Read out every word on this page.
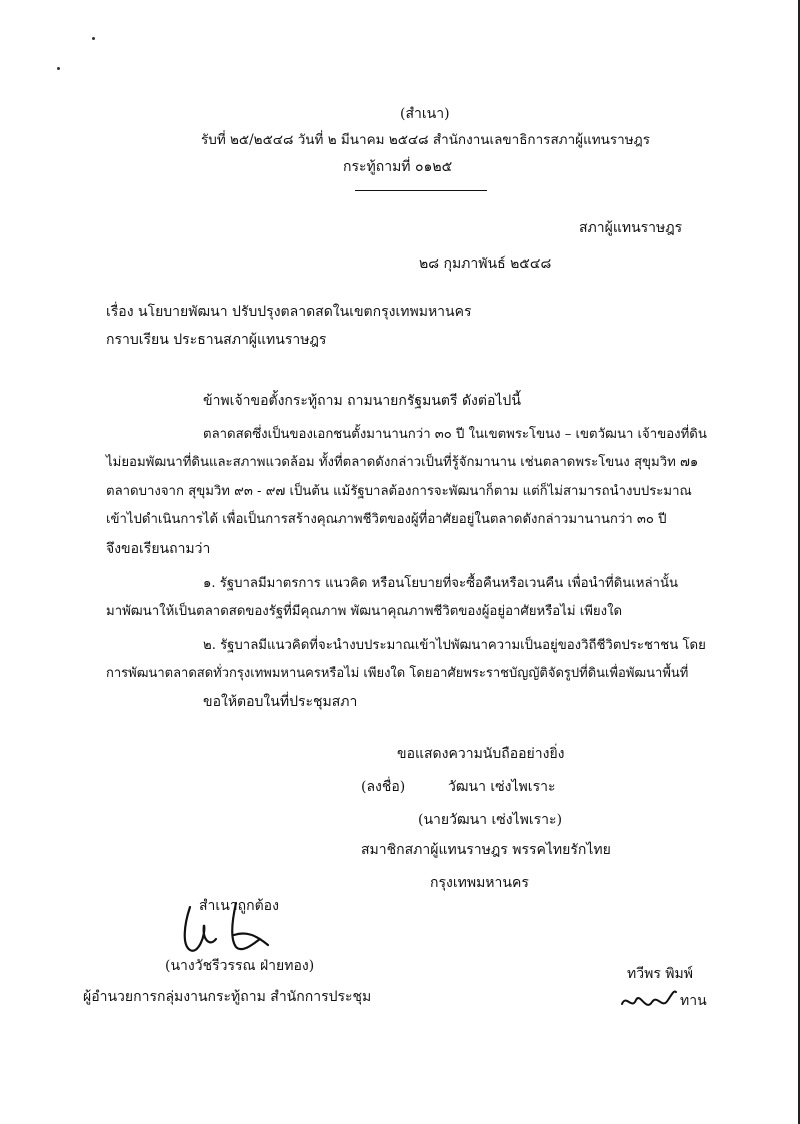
(สำเนา)
รับที่ ๒๕/๒๕๔๘ วันที่ ๒ มีนาคม ๒๕๔๘ สำนักงานเลขาธิการสภาผู้แทนราษฎร
กระทู้ถามที่ ๐๑๒๕
สภาผู้แทนราษฎร
๒๘ กุมภาพันธ์ ๒๕๔๘
เรื่อง นโยบายพัฒนา ปรับปรุงตลาดสดในเขตกรุงเทพมหานคร
กราบเรียน ประธานสภาผู้แทนราษฎร
ข้าพเจ้าขอตั้งกระทู้ถาม ถามนายกรัฐมนตรี ดังต่อไปนี้
ตลาดสดซึ่งเป็นของเอกชนตั้งมานานกว่า ๓๐ ปี ในเขตพระโขนง – เขตวัฒนา เจ้าของที่ดิน
ไม่ยอมพัฒนาที่ดินและสภาพแวดล้อม ทั้งที่ตลาดดังกล่าวเป็นที่รู้จักมานาน เช่นตลาดพระโขนง สุขุมวิท ๗๑
ตลาดบางจาก สุขุมวิท ๙๓ - ๙๗ เป็นต้น แม้รัฐบาลต้องการจะพัฒนาก็ตาม แต่ก็ไม่สามารถนำงบประมาณ
เข้าไปดำเนินการได้ เพื่อเป็นการสร้างคุณภาพชีวิตของผู้ที่อาศัยอยู่ในตลาดดังกล่าวมานานกว่า ๓๐ ปี
จึงขอเรียนถามว่า
๑. รัฐบาลมีมาตรการ แนวคิด หรือนโยบายที่จะซื้อคืนหรือเวนคืน เพื่อนำที่ดินเหล่านั้น
มาพัฒนาให้เป็นตลาดสดของรัฐที่มีคุณภาพ พัฒนาคุณภาพชีวิตของผู้อยู่อาศัยหรือไม่ เพียงใด
๒. รัฐบาลมีแนวคิดที่จะนำงบประมาณเข้าไปพัฒนาความเป็นอยู่ของวิถีชีวิตประชาชน โดย
การพัฒนาตลาดสดทั่วกรุงเทพมหานครหรือไม่ เพียงใด โดยอาศัยพระราชบัญญัติจัดรูปที่ดินเพื่อพัฒนาพื้นที่
ขอให้ตอบในที่ประชุมสภา
ขอแสดงความนับถืออย่างยิ่ง
(ลงชื่อ)	วัฒนา เซ่งไพเราะ
(นายวัฒนา เซ่งไพเราะ)
สมาชิกสภาผู้แทนราษฎร พรรคไทยรักไทย
กรุงเทพมหานคร
สำเนาถูกต้อง
(นางวัชรีวรรณ ฝ่ายทอง)
ผู้อำนวยการกลุ่มงานกระทู้ถาม สำนักการประชุม
ทวีพร พิมพ์
ทาน
